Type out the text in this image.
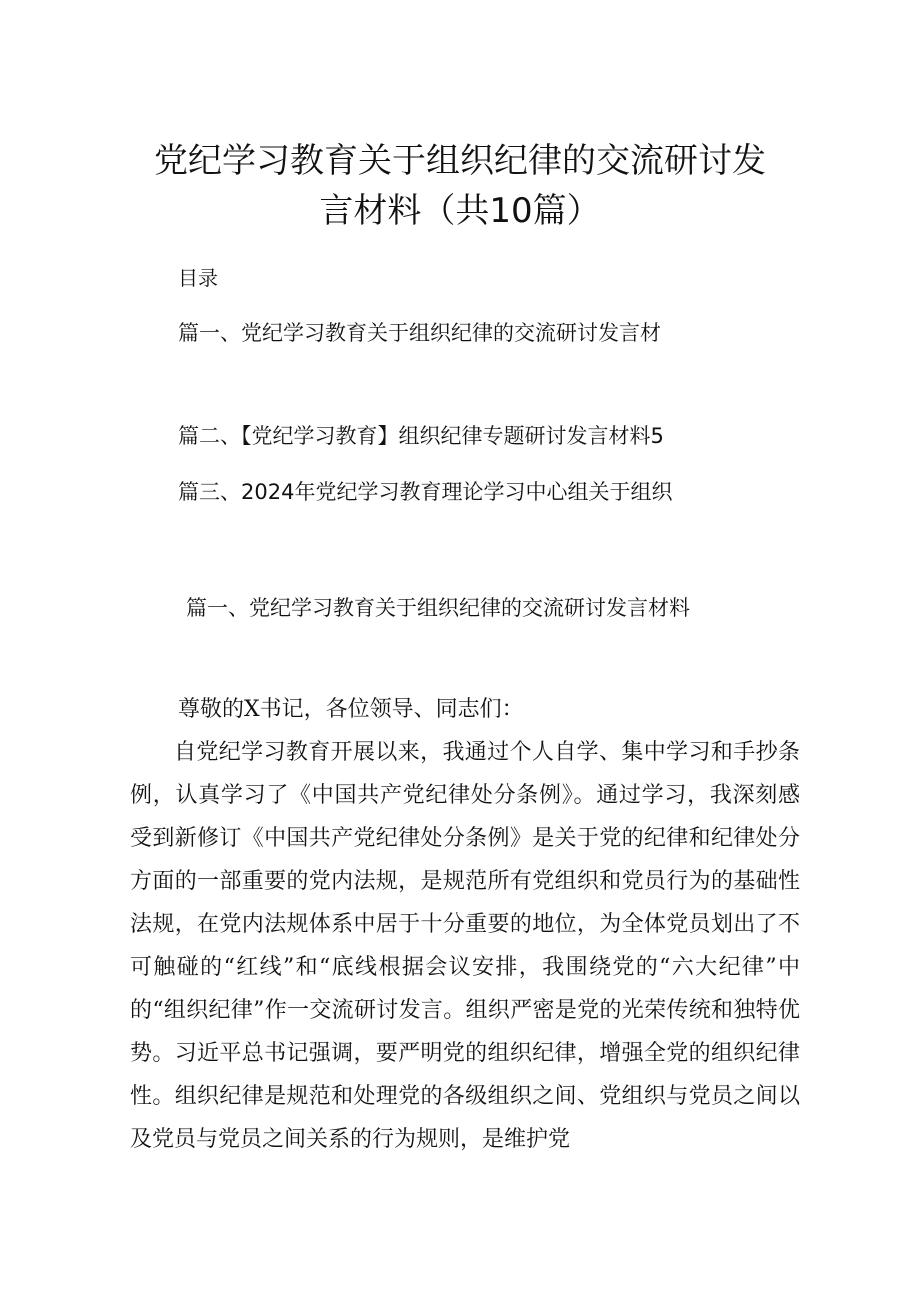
党纪学习教育关于组织纪律的交流研讨发
言材料（共10篇）
目录
篇一、党纪学习教育关于组织纪律的交流研讨发言材
篇二、【党纪学习教育】组织纪律专题研讨发言材料5
篇三、2024年党纪学习教育理论学习中心组关于组织
篇一、党纪学习教育关于组织纪律的交流研讨发言材料
尊敬的X书记，各位领导、同志们：
自党纪学习教育开展以来，我通过个人自学、集中学习和手抄条例，认真学习了《中国共产党纪律处分条例》。通过学习，我深刻感受到新修订《中国共产党纪律处分条例》是关于党的纪律和纪律处分方面的一部重要的党内法规，是规范所有党组织和党员行为的基础性法规，在党内法规体系中居于十分重要的地位，为全体党员划出了不可触碰的“红线”和“底线根据会议安排，我围绕党的“六大纪律”中的“组织纪律”作一交流研讨发言。组织严密是党的光荣传统和独特优势。习近平总书记强调，要严明党的组织纪律，增强全党的组织纪律性。组织纪律是规范和处理党的各级组织之间、党组织与党员之间以及党员与党员之间关系的行为规则，是维护党
